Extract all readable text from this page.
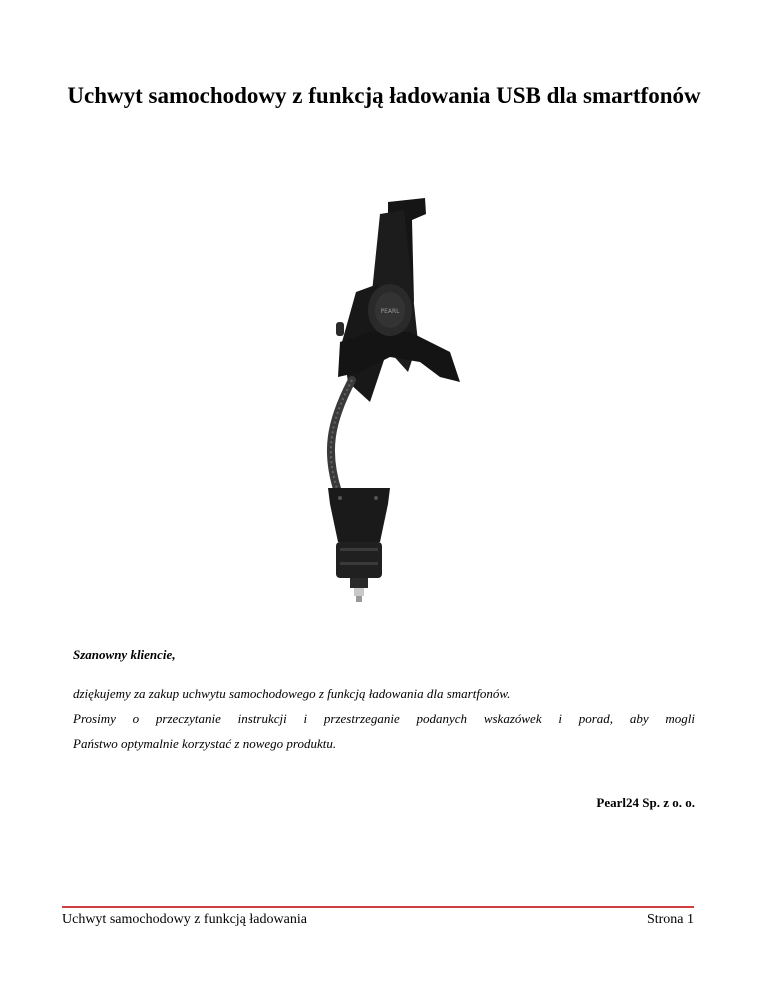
Uchwyt samochodowy z funkcją ładowania USB dla smartfonów
PEARL
Szanowny kliencie,
dziękujemy za zakup uchwytu samochodowego z funkcją ładowania dla smartfonów.
Prosimy o przeczytanie instrukcji i przestrzeganie podanych wskazówek i porad, aby mogli
Państwo optymalnie korzystać z nowego produktu.
Pearl24 Sp. z o. o.
Uchwyt samochodowy z funkcją ładowania	Strona 1
